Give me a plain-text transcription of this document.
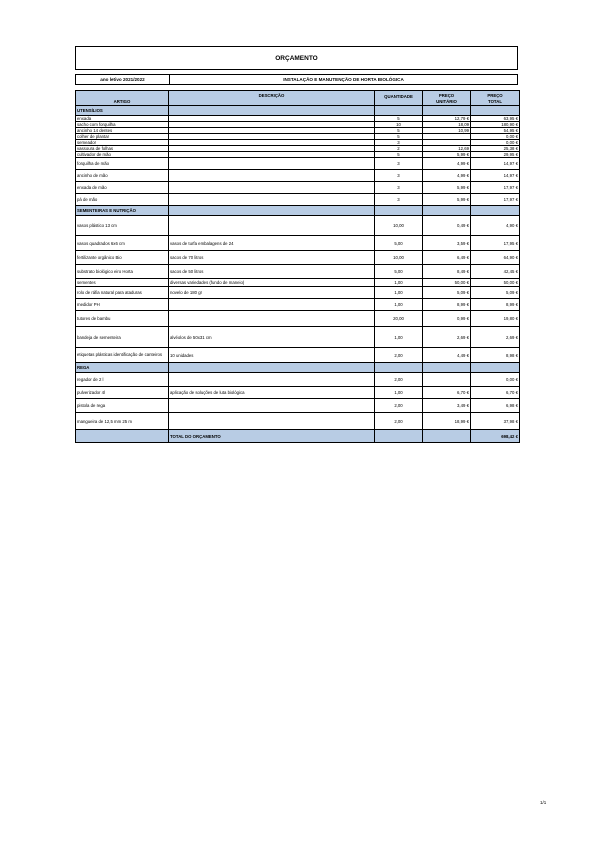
ORÇAMENTO
ano letivo 2021/2022	INSTALAÇÃO E MANUTENÇÃO DE HORTA BIOLÓGICA
ARTIGO	DESCRIÇÃO	QUANTIDADE	PREÇO UNITÁRIO	PREÇO TOTAL
UTENSÍLIOS				
enxada		5	12,79 €	63,95 €
sacho com forquilha		10	18,09	180,90 €
ancinho 14 dentes		5	10,99	54,95 €
colher de plantar		5		0,00 €
semeador		3		0,00 €
vassoura de folhas		2	12,69	25,38 €
cultivador de mão		5	5,99 €	29,95 €
forquilha de mão		3	4,99 €	14,97 €
ancinho de mão		3	4,99 €	14,97 €
enxada de mão		3	5,99 €	17,97 €
pá de mão		3	5,99 €	17,97 €
SEMENTEIRAS E NUTRIÇÃO				
vasos plástico 13 cm		10,00	0,49 €	4,90 €
vasos quadrados 6x6 cm	vasos de turfa embalagens de 24	5,00	3,59 €	17,95 €
fertilizante orgânico Bio	sacos de 70 litros	10,00	6,49 €	64,90 €
substrato biológico eiro Horta	sacos de 50 litros	5,00	8,49 €	42,45 €
sementes	diversas variedades (fundo de maneio)	1,00	50,00 €	50,00 €
rolo de ráfia natural para ataduras	novelo de 180 gr	1,00	5,09 €	5,09 €
medidor PH		1,00	8,99 €	8,99 €
tutores de bambu		20,00	0,99 €	19,80 €
bandeja de sementeira	alvéolos de 50x31 cm	1,00	2,69 €	2,69 €
etiquetas plásticas identificação de canteiros	10 unidades	2,00	4,49 €	8,98 €
REGA				
regador de 2 l		2,00		0,00 €
pulverizador 4l	aplicação de soluções de luta biológica	1,00	6,70 €	6,70 €
pistola de rega		2,00	3,49 €	6,98 €
mangueira de 12,5 mm 25 m		2,00	18,99 €	37,98 €
	TOTAL DO ORÇAMENTO			698,42 €
1/1
